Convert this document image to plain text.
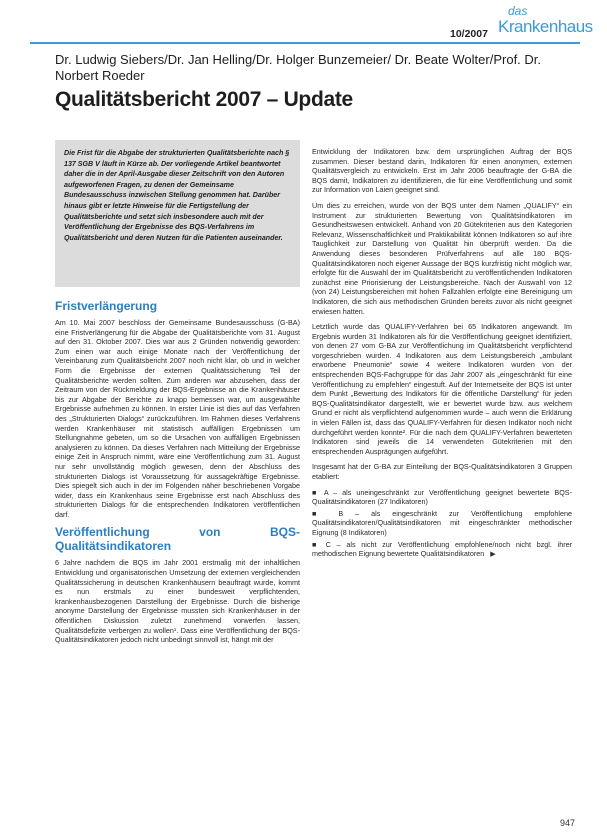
10/2007
das
Krankenhaus
Dr. Ludwig Siebers/Dr. Jan Helling/Dr. Holger Bunzemeier/ Dr. Beate Wolter/Prof. Dr. Norbert Roeder
Qualitätsbericht 2007 – Update
Die Frist für die Abgabe der strukturierten Qualitätsberichte nach § 137 SGB V läuft in Kürze ab. Der vorliegende Artikel beantwortet daher die in der April-Ausgabe dieser Zeitschrift von den Autoren aufgeworfenen Fragen, zu denen der Gemeinsame Bundesausschuss inzwischen Stellung genommen hat. Darüber hinaus gibt er letzte Hinweise für die Fertigstellung der Qualitätsberichte und setzt sich insbesondere auch mit der Veröffentlichung der Ergebnisse des BQS-Verfahrens im Qualitätsbericht und deren Nutzen für die Patienten auseinander.
Fristverlängerung

Am 10. Mai 2007 beschloss der Gemeinsame Bundesausschuss (G-BA) eine Fristverlängerung für die Abgabe der Qualitätsberichte vom 31. August auf den 31. Oktober 2007. Dies war aus 2 Gründen notwendig geworden: Zum einen war auch einige Monate nach der Veröffentlichung der Vereinbarung zum Qualitätsbericht 2007 noch nicht klar, ob und in welcher Form die Ergebnisse der externen Qualitätssicherung Teil der Qualitätsberichte werden sollten. Zum anderen war abzusehen, dass der Zeitraum von der Rückmeldung der BQS-Ergebnisse an die Krankenhäuser bis zur Abgabe der Berichte zu knapp bemessen war, um ausgewählte Ergebnisse aufnehmen zu können. In erster Linie ist dies auf das Verfahren des „Strukturierten Dialogs“ zurückzuführen. Im Rahmen dieses Verfahrens werden Krankenhäuser mit statistisch auffälligen Ergebnissen um Stellungnahme gebeten, um so die Ursachen von auffälligen Ergebnissen analysieren zu können. Da dieses Verfahren nach Mitteilung der Ergebnisse einige Zeit in Anspruch nimmt, wäre eine Veröffentlichung zum 31. August nur sehr unvollständig möglich gewesen, denn der Abschluss des strukturierten Dialogs ist Voraussetzung für aussagekräftige Ergebnisse. Dies spiegelt sich auch in der im Folgenden näher beschriebenen Vorgabe wider, dass ein Krankenhaus seine Ergebnisse erst nach Abschluss des strukturierten Dialogs für die entsprechenden Indikatoren veröffentlichen darf.

Veröffentlichung von BQS-Qualitätsindikatoren

6 Jahre nachdem die BQS im Jahr 2001 erstmalig mit der inhaltlichen Entwicklung und organisatorischen Umsetzung der externen vergleichenden Qualitätssicherung in deutschen Krankenhäusern beauftragt wurde, kommt es nun erstmals zu einer bundesweit verpflichtenden, krankenhausbezogenen Darstellung der Ergebnisse. Durch die bisherige anonyme Darstellung der Ergebnisse mussten sich Krankenhäuser in der öffentlichen Diskussion zuletzt zunehmend vorwerfen lassen, Qualitätsdefizite verbergen zu wollen¹. Dass eine Veröffentlichung der BQS-Qualitätsindikatoren jedoch nicht unbedingt sinnvoll ist, hängt mit der

Entwicklung der Indikatoren bzw. dem ursprünglichen Auftrag der BQS zusammen. Dieser bestand darin, Indikatoren für einen anonymen, externen Qualitätsvergleich zu entwickeln. Erst im Jahr 2006 beauftragte der G-BA die BQS damit, Indikatoren zu identifizieren, die für eine Veröffentlichung und somit zur Information von Laien geeignet sind.

Um dies zu erreichen, wurde von der BQS unter dem Namen „QUALIFY“ ein Instrument zur strukturierten Bewertung von Qualitätsindikatoren im Gesundheitswesen entwickelt. Anhand von 20 Gütekriterien aus den Kategorien Relevanz, Wissenschaftlichkeit und Praktikabilität können Indikatoren so auf ihre Tauglichkeit zur Darstellung von Qualität hin überprüft werden. Da die Anwendung dieses besonderen Prüfverfahrens auf alle 180 BQS-Qualitätsindikatoren noch eigener Aussage der BQS kurzfristig nicht möglich war, erfolgte für die Auswahl der im Qualitätsbericht zu veröffentlichenden Indikatoren zunächst eine Priorisierung der Leistungsbereiche. Nach der Auswahl von 12 (von 24) Leistungsbereichen mit hohen Fallzahlen erfolgte eine Bereinigung um Indikatoren, die sich aus methodischen Gründen bereits zuvor als nicht geeignet erwiesen hatten.

Letztlich wurde das QUALIFY-Verfahren bei 65 Indikatoren angewandt. Im Ergebnis wurden 31 Indikatoren als für die Veröffentlichung geeignet identifiziert, von denen 27 vom G-BA zur Veröffentlichung im Qualitätsbericht verpflichtend vorgeschrieben wurden. 4 Indikatoren aus dem Leistungsbereich „ambulant erworbene Pneumonie“ sowie 4 weitere Indikatoren wurden von der entsprechenden BQS-Fachgruppe für das Jahr 2007 als „eingeschränkt für eine Veröffentlichung zu empfehlen“ eingestuft. Auf der Internetseite der BQS ist unter dem Punkt „Bewertung des Indikators für die öffentliche Darstellung“ für jeden BQS-Qualitätsindikator dargestellt, wie er bewertet wurde bzw. aus welchem Grund er nicht als verpflichtend aufgenommen wurde – auch wenn die Erklärung in vielen Fällen ist, dass das QUALIFY-Verfahren für diesen Indikator noch nicht durchgeführt werden konnte². Für die nach dem QUALIFY-Verfahren bewerteten Indikatoren sind jeweils die 14 verwendeten Gütekriterien mit den entsprechenden Ausprägungen aufgeführt.

Insgesamt hat der G-BA zur Einteilung der BQS-Qualitätsindikatoren 3 Gruppen etabliert:

■ A – als uneingeschränkt zur Veröffentlichung geeignet bewertete BQS-Qualitätsindikatoren (27 Indikatoren)
■ B – als eingeschränkt zur Veröffentlichung empfohlene Qualitätsindikatoren/Qualitätsindikatoren mit eingeschränkter methodischer Eignung (8 Indikatoren)
■ C – als nicht zur Veröffentlichung empfohlene/noch nicht bzgl. ihrer methodischen Eignung bewertete Qualitätsindikatoren ▶
947
